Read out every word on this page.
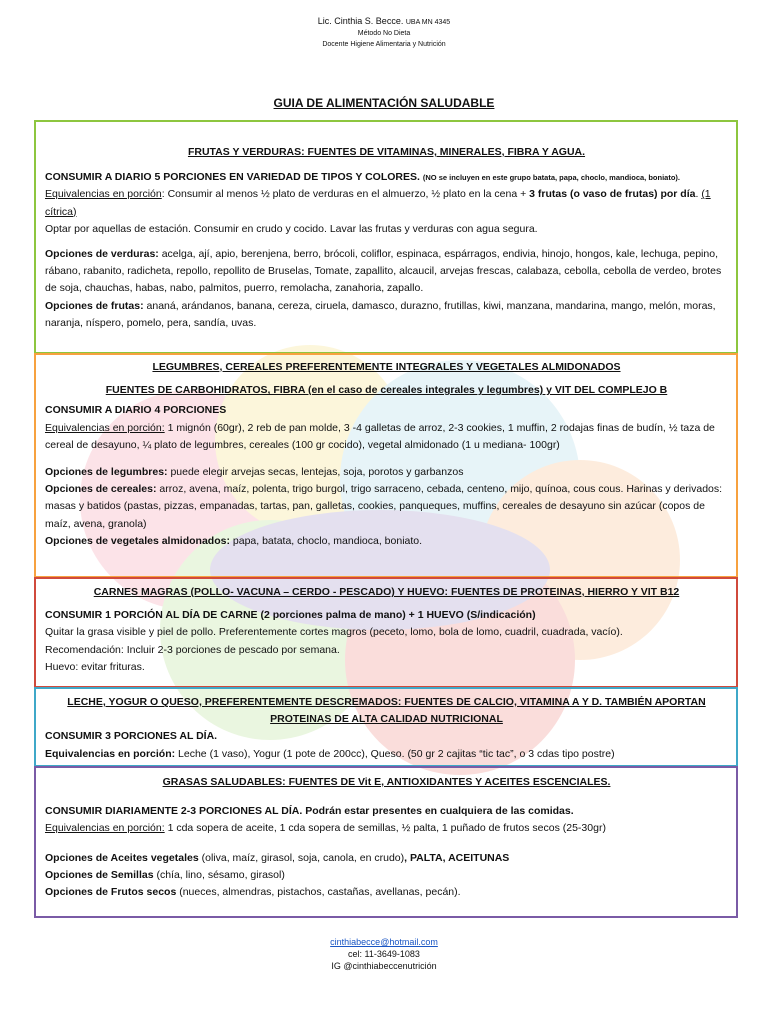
Lic. Cinthia S. Becce. UBA MN 4345
Método No Dieta
Docente Higiene Alimentaria y Nutrición
GUIA DE ALIMENTACIÓN SALUDABLE

FRUTAS Y VERDURAS: FUENTES DE VITAMINAS, MINERALES, FIBRA Y AGUA.

CONSUMIR A DIARIO 5 PORCIONES EN VARIEDAD DE TIPOS Y COLORES. (NO se incluyen en este grupo batata, papa, choclo, mandioca, boniato).

Equivalencias en porción: Consumir al menos ½ plato de verduras en el almuerzo, ½ plato en la cena + 3 frutas (o vaso de frutas) por día. (1 cítrica)

Optar por aquellas de estación. Consumir en crudo y cocido. Lavar las frutas y verduras con agua segura.

Opciones de verduras: acelga, ají, apio, berenjena, berro, brócoli, coliflor, espinaca, espárragos, endivia, hinojo, hongos, kale, lechuga, pepino, rábano, rabanito, radicheta, repollo, repollito de Bruselas, Tomate, zapallito, alcaucil, arvejas frescas, calabaza, cebolla, cebolla de verdeo, brotes de soja, chauchas, habas, nabo, palmitos, puerro, remolacha, zanahoria, zapallo.

Opciones de frutas: ananá, arándanos, banana, cereza, ciruela, damasco, durazno, frutillas, kiwi, manzana, mandarina, mango, melón, moras, naranja, níspero, pomelo, pera, sandía, uvas.

LEGUMBRES, CEREALES PREFERENTEMENTE INTEGRALES Y VEGETALES ALMIDONADOS

FUENTES DE CARBOHIDRATOS, FIBRA (en el caso de cereales integrales y legumbres) y VIT DEL COMPLEJO B

CONSUMIR A DIARIO 4 PORCIONES

Equivalencias en porción: 1 mignón (60gr), 2 reb de pan molde, 3 -4 galletas de arroz, 2-3 cookies, 1 muffin, 2 rodajas finas de budín, ½ taza de cereal de desayuno, ¼ plato de legumbres, cereales (100 gr cocido), vegetal almidonado (1 u mediana- 100gr)

Opciones de legumbres: puede elegir arvejas secas, lentejas, soja, porotos y garbanzos

Opciones de cereales: arroz, avena, maíz, polenta, trigo burgol, trigo sarraceno, cebada, centeno, mijo, quínoa, cous cous. Harinas y derivados: masas y batidos (pastas, pizzas, empanadas, tartas, pan, galletas, cookies, panqueques, muffins, cereales de desayuno sin azúcar (copos de maíz, avena, granola)

Opciones de vegetales almidonados: papa, batata, choclo, mandioca, boniato.

CARNES MAGRAS (POLLO- VACUNA – CERDO - PESCADO) Y HUEVO: FUENTES DE PROTEINAS, HIERRO Y VIT B12

CONSUMIR 1 PORCIÓN AL DÍA DE CARNE (2 porciones palma de mano) + 1 HUEVO (S/indicación)

Quitar la grasa visible y piel de pollo. Preferentemente cortes magros (peceto, lomo, bola de lomo, cuadril, cuadrada, vacío).

Recomendación: Incluir 2-3 porciones de pescado por semana.

Huevo: evitar frituras.

LECHE, YOGUR O QUESO, PREFERENTEMENTE DESCREMADOS: FUENTES DE CALCIO, VITAMINA A Y D. TAMBIÉN APORTAN PROTEINAS DE ALTA CALIDAD NUTRICIONAL

CONSUMIR 3 PORCIONES AL DÍA.

Equivalencias en porción: Leche (1 vaso), Yogur (1 pote de 200cc), Queso. (50 gr 2 cajitas “tic tac”, o 3 cdas tipo postre)

GRASAS SALUDABLES: FUENTES DE Vit E, ANTIOXIDANTES Y ACEITES ESCENCIALES.

CONSUMIR DIARIAMENTE 2-3 PORCIONES AL DÍA. Podrán estar presentes en cualquiera de las comidas.

Equivalencias en porción: 1 cda sopera de aceite, 1 cda sopera de semillas, ½ palta, 1 puñado de frutos secos (25-30gr)

Opciones de Aceites vegetales (oliva, maíz, girasol, soja, canola, en crudo), PALTA, ACEITUNAS

Opciones de Semillas (chía, lino, sésamo, girasol)

Opciones de Frutos secos (nueces, almendras, pistachos, castañas, avellanas, pecán).

cinthiabecce@hotmail.com
cel: 11-3649-1083
IG @cinthiabeccenutrición
